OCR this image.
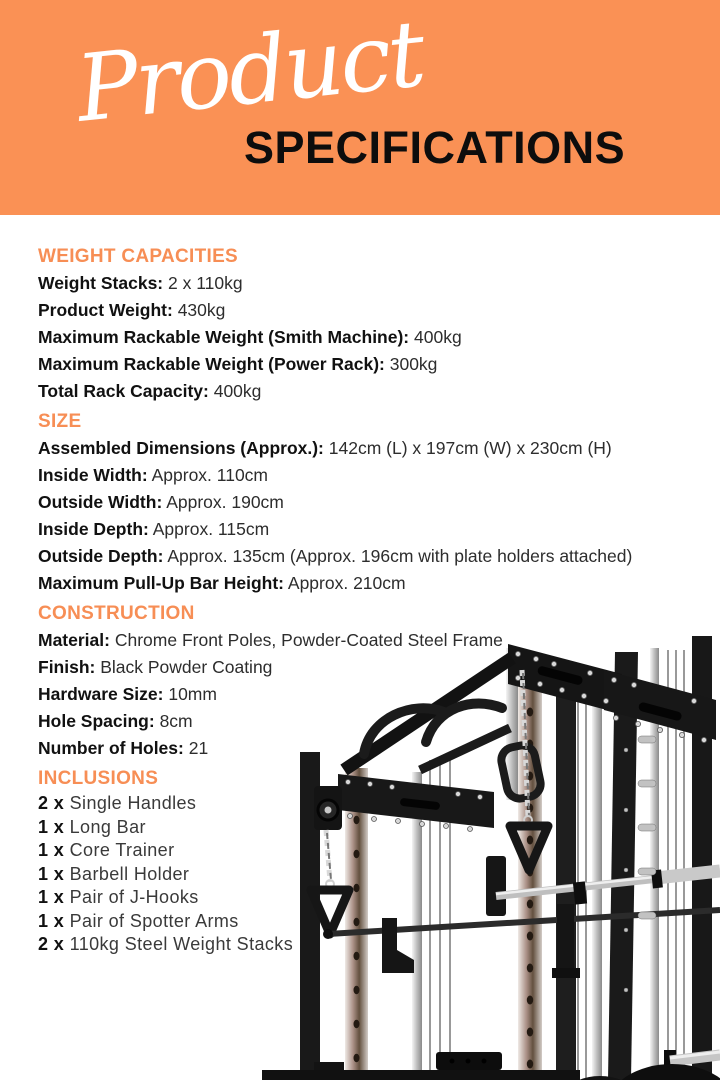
Product
SPECIFICATIONS
WEIGHT CAPACITIES

Weight Stacks: 2 x 110kg

Product Weight: 430kg

Maximum Rackable Weight (Smith Machine): 400kg

Maximum Rackable Weight (Power Rack): 300kg

Total Rack Capacity: 400kg

SIZE

Assembled Dimensions (Approx.): 142cm (L) x 197cm (W) x 230cm (H)

Inside Width: Approx. 110cm

Outside Width: Approx. 190cm

Inside Depth: Approx. 115cm

Outside Depth: Approx. 135cm (Approx. 196cm with plate holders attached)

Maximum Pull-Up Bar Height: Approx. 210cm

CONSTRUCTION

Material: Chrome Front Poles, Powder-Coated Steel Frame

Finish: Black Powder Coating

Hardware Size: 10mm

Hole Spacing: 8cm

Number of Holes: 21

INCLUSIONS

2 x Single Handles

1 x Long Bar

1 x Core Trainer

1 x Barbell Holder

1 x Pair of J-Hooks

1 x Pair of Spotter Arms

2 x 110kg Steel Weight Stacks
